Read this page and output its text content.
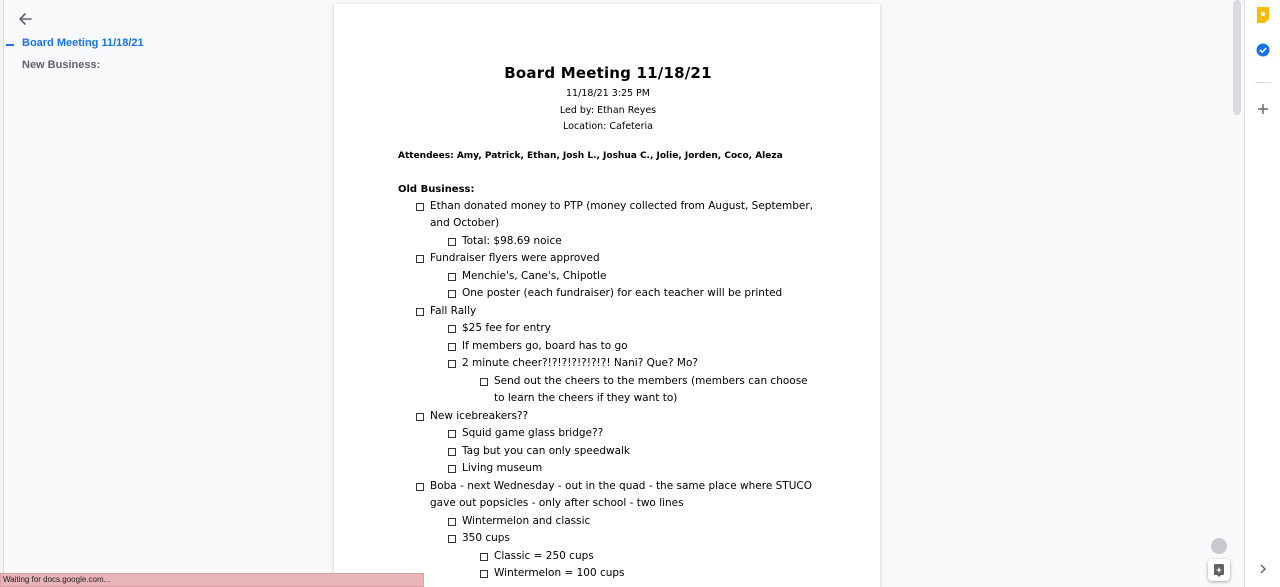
Board Meeting 11/18/21
New Business:	Board Meeting 11/18/21
11/18/21 3:25 PM
Led by: Ethan Reyes
Location: Cafeteria
Attendees: Amy, Patrick, Ethan, Josh L., Joshua C., Jolie, Jorden, Coco, Aleza
Old Business:
Ethan donated money to PTP (money collected from August, September, and October)
Total: $98.69 noice
Fundraiser flyers were approved
Menchie's, Cane's, Chipotle
One poster (each fundraiser) for each teacher will be printed
Fall Rally
$25 fee for entry
If members go, board has to go
2 minute cheer?!?!?!?!?!?!?! Nani? Que? Mo?
Send out the cheers to the members (members can choose to learn the cheers if they want to)
New icebreakers??
Squid game glass bridge??
Tag but you can only speedwalk
Living museum
Boba - next Wednesday - out in the quad - the same place where STUCO gave out popsicles - only after school - two lines
Wintermelon and classic
350 cups
Classic = 250 cups
Wintermelon = 100 cups
Waiting for docs.google.com...
